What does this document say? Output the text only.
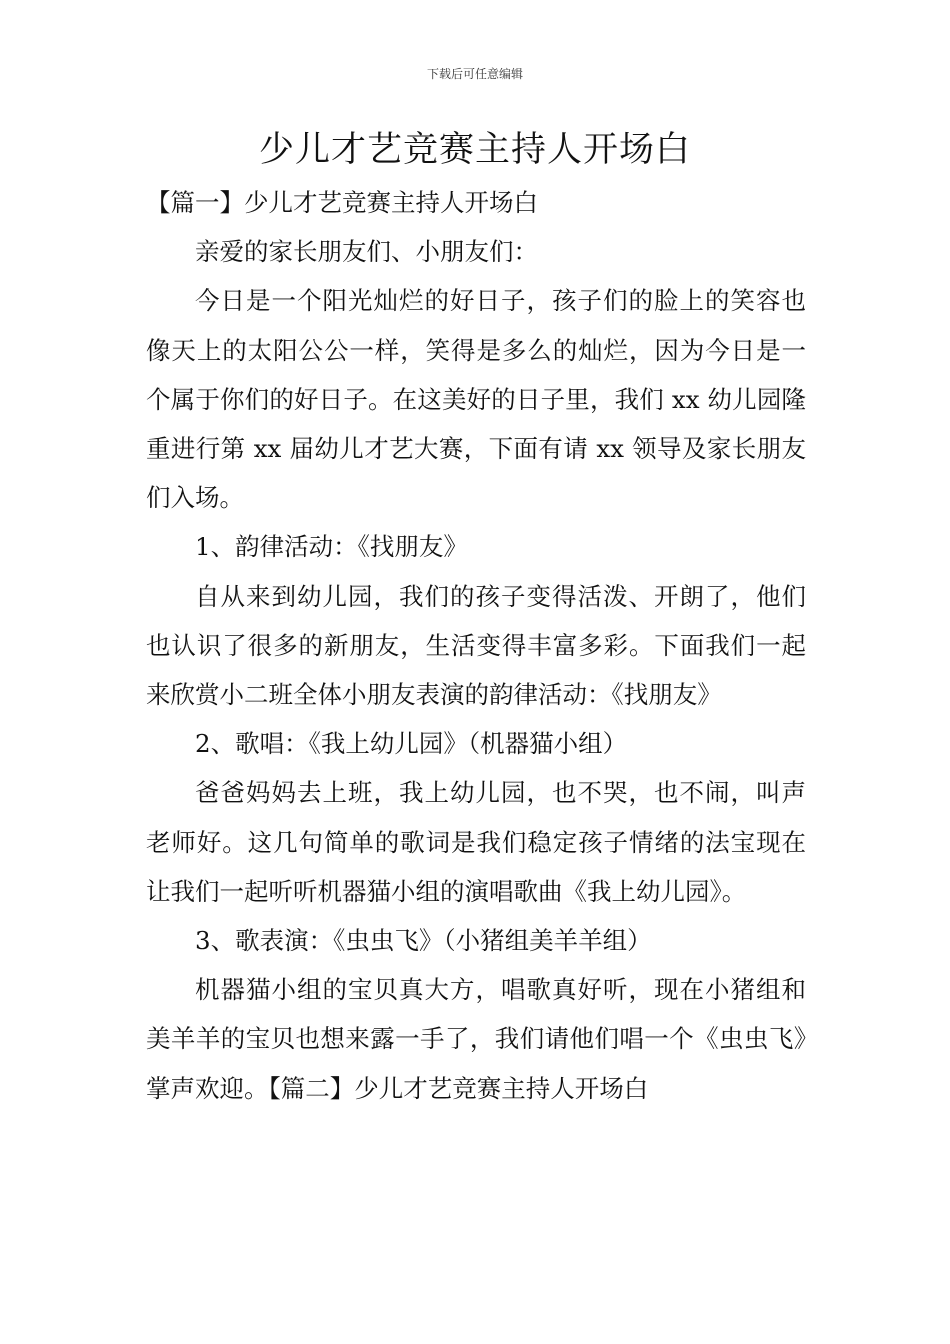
下载后可任意编辑
少儿才艺竞赛主持人开场白

【篇一】少儿才艺竞赛主持人开场白

亲爱的家长朋友们、小朋友们：

今日是一个阳光灿烂的好日子，孩子们的脸上的笑容也像天上的太阳公公一样，笑得是多么的灿烂，因为今日是一个属于你们的好日子。在这美好的日子里，我们 xx 幼儿园隆重进行第 xx 届幼儿才艺大赛，下面有请 xx 领导及家长朋友们入场。

1、韵律活动：《找朋友》

自从来到幼儿园，我们的孩子变得活泼、开朗了，他们也认识了很多的新朋友，生活变得丰富多彩。下面我们一起来欣赏小二班全体小朋友表演的韵律活动：《找朋友》

2、歌唱：《我上幼儿园》（机器猫小组）

爸爸妈妈去上班，我上幼儿园，也不哭，也不闹，叫声老师好。这几句简单的歌词是我们稳定孩子情绪的法宝现在让我们一起听听机器猫小组的演唱歌曲《我上幼儿园》。

3、歌表演：《虫虫飞》（小猪组美羊羊组）

机器猫小组的宝贝真大方，唱歌真好听，现在小猪组和美羊羊的宝贝也想来露一手了，我们请他们唱一个《虫虫飞》掌声欢迎。【篇二】少儿才艺竞赛主持人开场白
